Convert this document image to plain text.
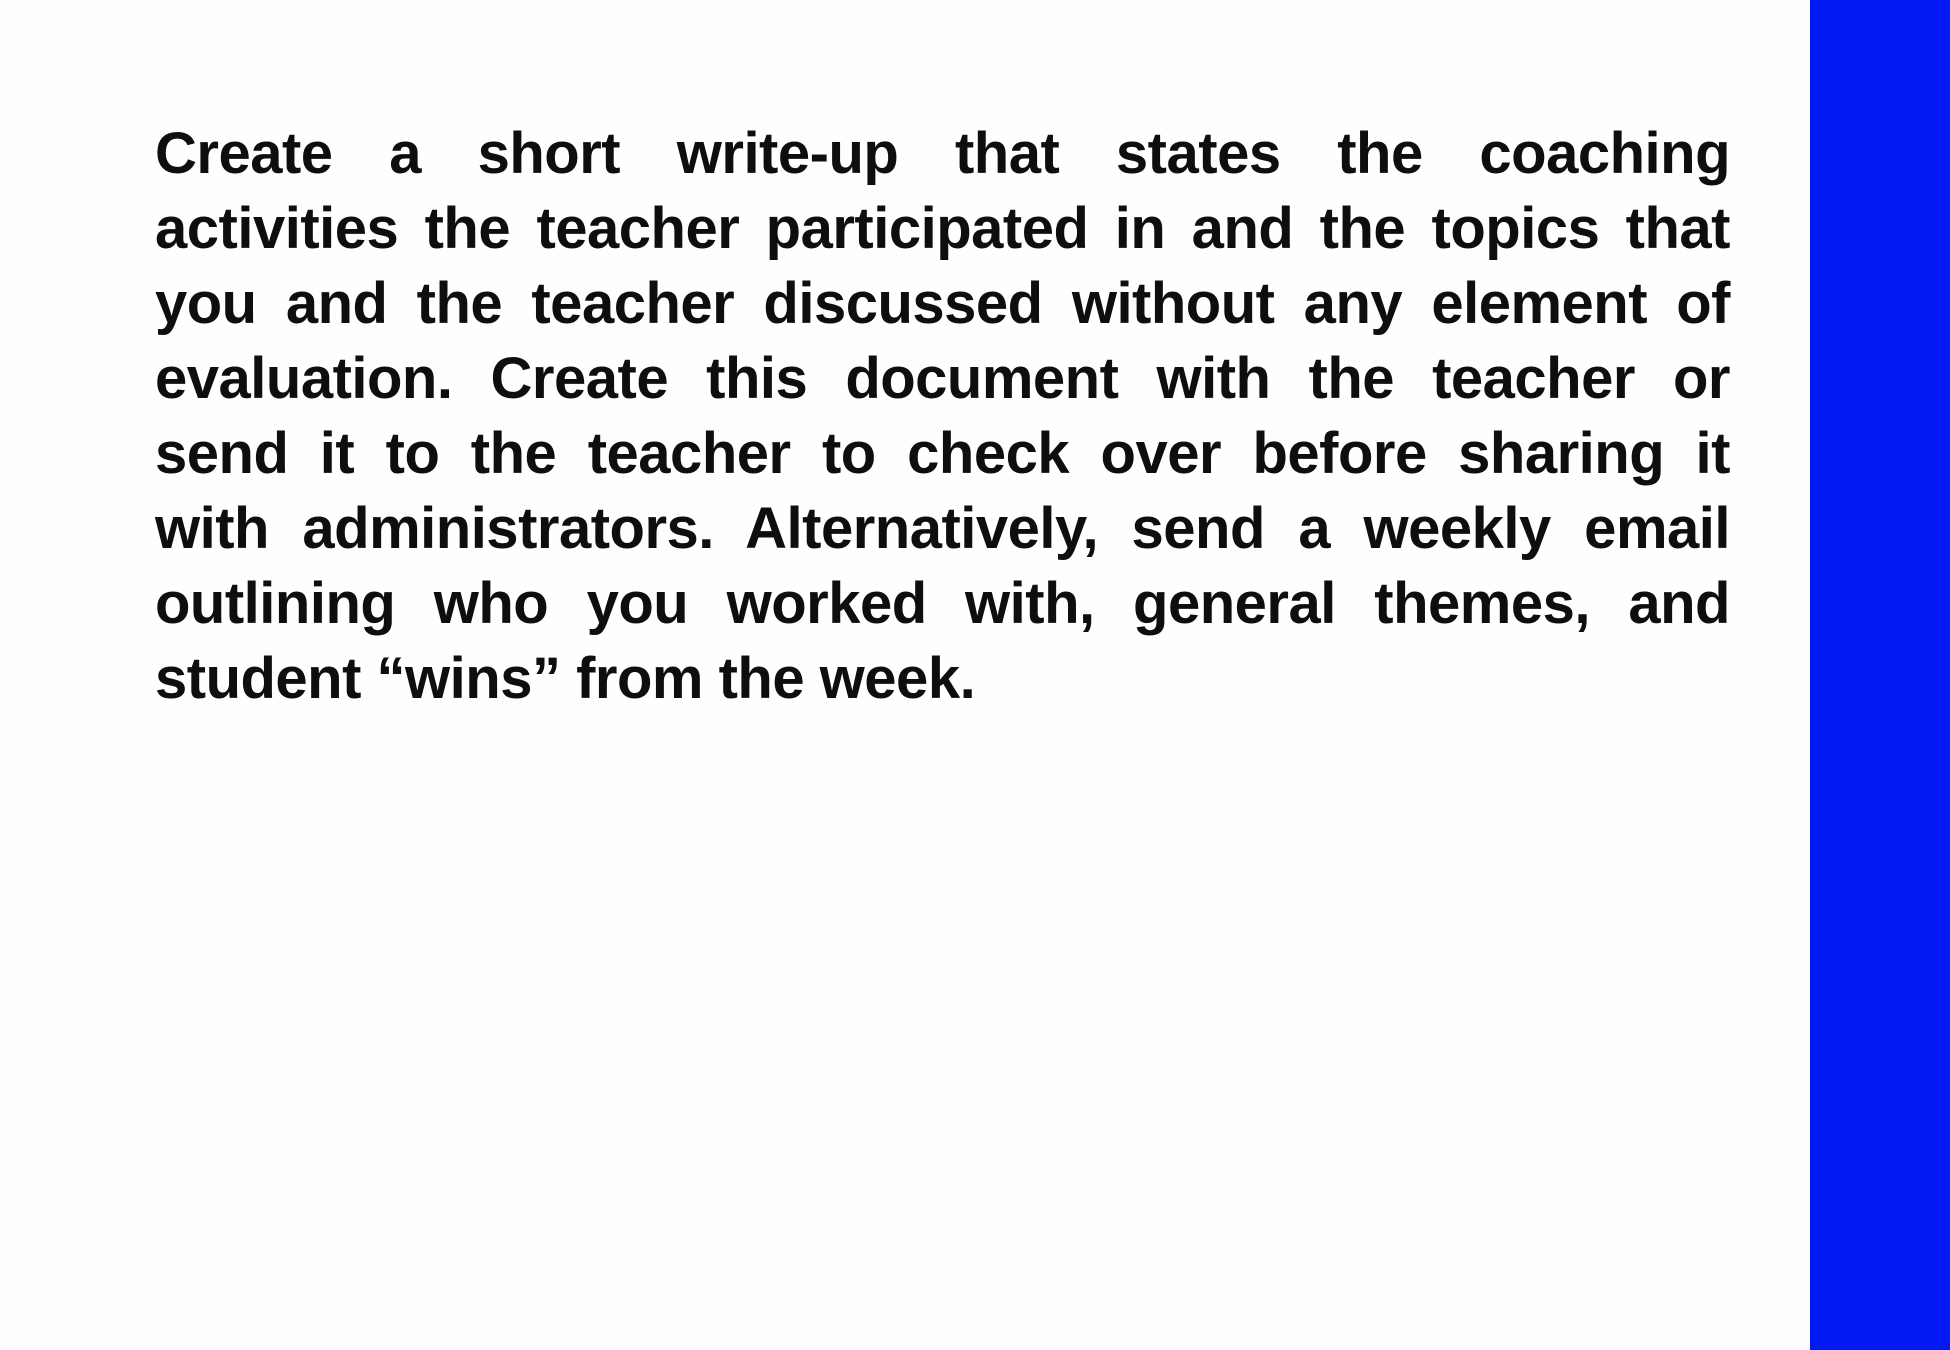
Create a short write-up that states the coaching
activities the teacher participated in and the topics that
you and the teacher discussed without any element of
evaluation. Create this document with the teacher or
send it to the teacher to check over before sharing it
with administrators. Alternatively, send a weekly email
outlining who you worked with, general themes, and
student “wins” from the week.
